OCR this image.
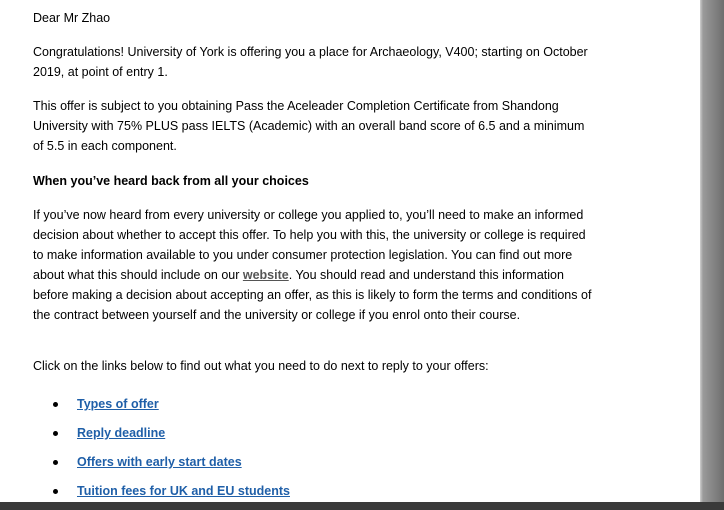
Dear Mr Zhao

Congratulations! University of York is offering you a place for Archaeology, V400; starting on October 2019, at point of entry 1.

This offer is subject to you obtaining Pass the Aceleader Completion Certificate from Shandong University with 75% PLUS pass IELTS (Academic) with an overall band score of 6.5 and a minimum of 5.5 in each component.

When you’ve heard back from all your choices

If you’ve now heard from every university or college you applied to, you’ll need to make an informed decision about whether to accept this offer. To help you with this, the university or college is required to make information available to you under consumer protection legislation. You can find out more about what this should include on our website. You should read and understand this information before making a decision about accepting an offer, as this is likely to form the terms and conditions of the contract between yourself and the university or college if you enrol onto their course.

Click on the links below to find out what you need to do next to reply to your offers:

Types of offer
Reply deadline
Offers with early start dates
Tuition fees for UK and EU students
